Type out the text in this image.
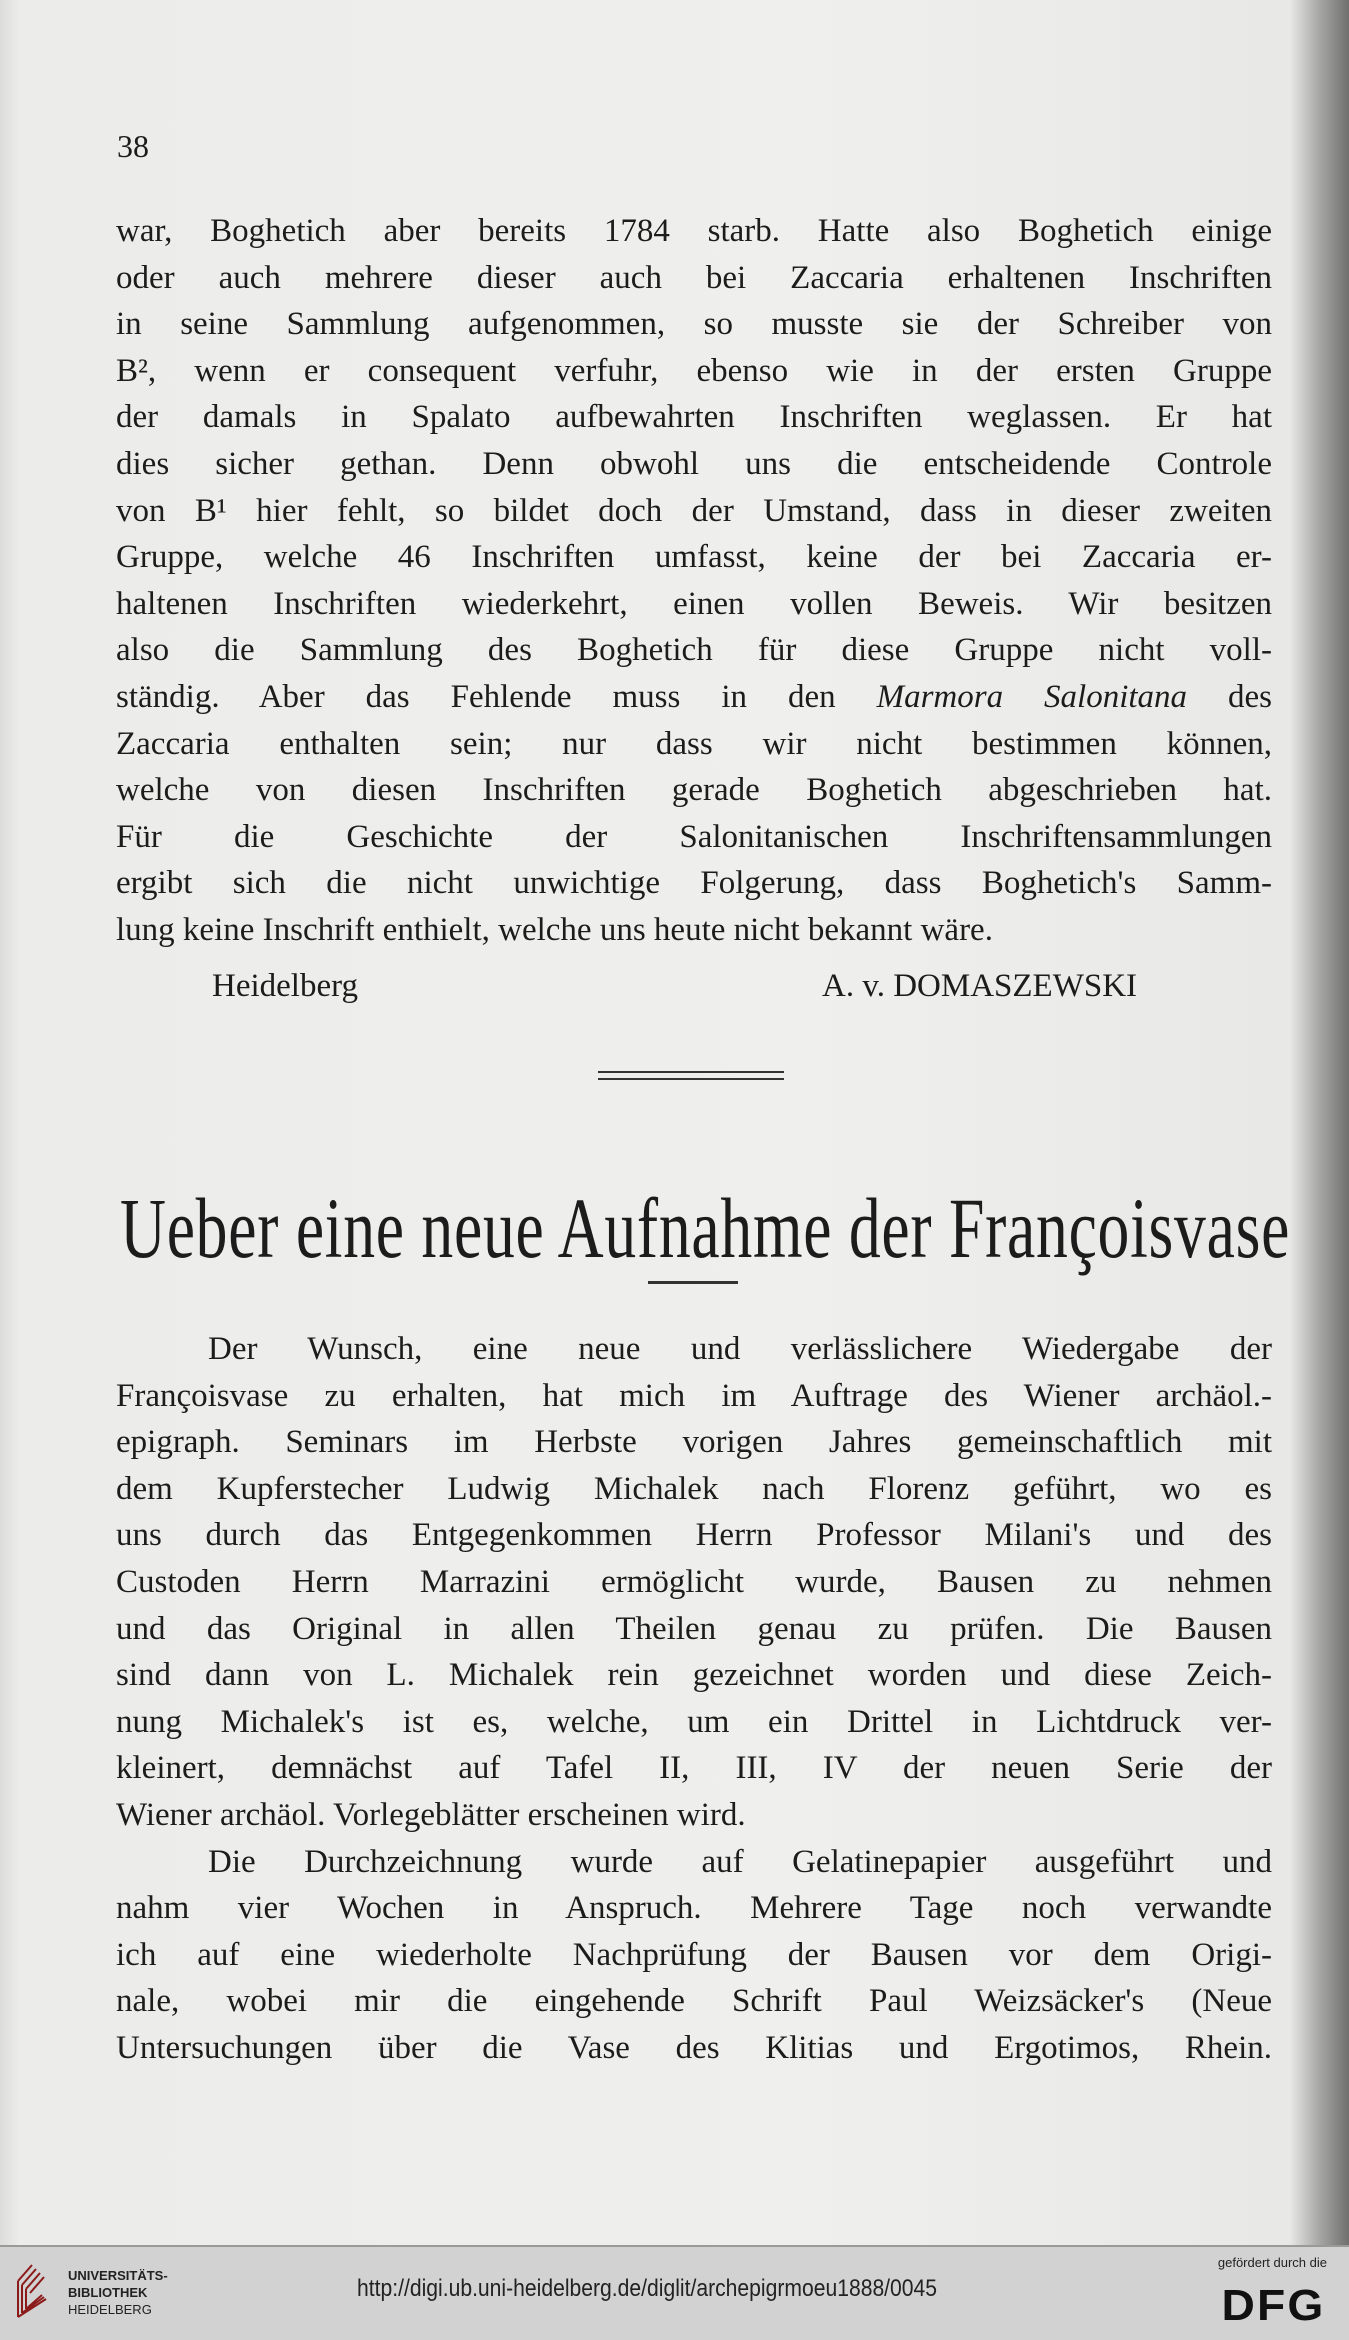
38
war, Boghetich aber bereits 1784 starb. Hatte also Boghetich einige
oder auch mehrere dieser auch bei Zaccaria erhaltenen Inschriften
in seine Sammlung aufgenommen, so musste sie der Schreiber von
B², wenn er consequent verfuhr, ebenso wie in der ersten Gruppe
der damals in Spalato aufbewahrten Inschriften weglassen. Er hat
dies sicher gethan. Denn obwohl uns die entscheidende Controle
von B¹ hier fehlt, so bildet doch der Umstand, dass in dieser zweiten
Gruppe, welche 46 Inschriften umfasst, keine der bei Zaccaria er-
haltenen Inschriften wiederkehrt, einen vollen Beweis. Wir besitzen
also die Sammlung des Boghetich für diese Gruppe nicht voll-
ständig. Aber das Fehlende muss in den Marmora Salonitana des
Zaccaria enthalten sein; nur dass wir nicht bestimmen können,
welche von diesen Inschriften gerade Boghetich abgeschrieben hat.
Für die Geschichte der Salonitanischen Inschriftensammlungen
ergibt sich die nicht unwichtige Folgerung, dass Boghetich's Samm-
lung keine Inschrift enthielt, welche uns heute nicht bekannt wäre.
Heidelberg	A. v. DOMASZEWSKI
Ueber eine neue Aufnahme der Françoisvase
Der Wunsch, eine neue und verlässlichere Wiedergabe der
Françoisvase zu erhalten, hat mich im Auftrage des Wiener archäol.-
epigraph. Seminars im Herbste vorigen Jahres gemeinschaftlich mit
dem Kupferstecher Ludwig Michalek nach Florenz geführt, wo es
uns durch das Entgegenkommen Herrn Professor Milani's und des
Custoden Herrn Marrazini ermöglicht wurde, Bausen zu nehmen
und das Original in allen Theilen genau zu prüfen. Die Bausen
sind dann von L. Michalek rein gezeichnet worden und diese Zeich-
nung Michalek's ist es, welche, um ein Drittel in Lichtdruck ver-
kleinert, demnächst auf Tafel II, III, IV der neuen Serie der
Wiener archäol. Vorlegeblätter erscheinen wird.
Die Durchzeichnung wurde auf Gelatinepapier ausgeführt und
nahm vier Wochen in Anspruch. Mehrere Tage noch verwandte
ich auf eine wiederholte Nachprüfung der Bausen vor dem Origi-
nale, wobei mir die eingehende Schrift Paul Weizsäcker's (Neue
Untersuchungen über die Vase des Klitias und Ergotimos, Rhein.
UNIVERSITÄTS-
BIBLIOTHEK
HEIDELBERG
http://digi.ub.uni-heidelberg.de/diglit/archepigrmoeu1888/0045
gefördert durch die
DFG
